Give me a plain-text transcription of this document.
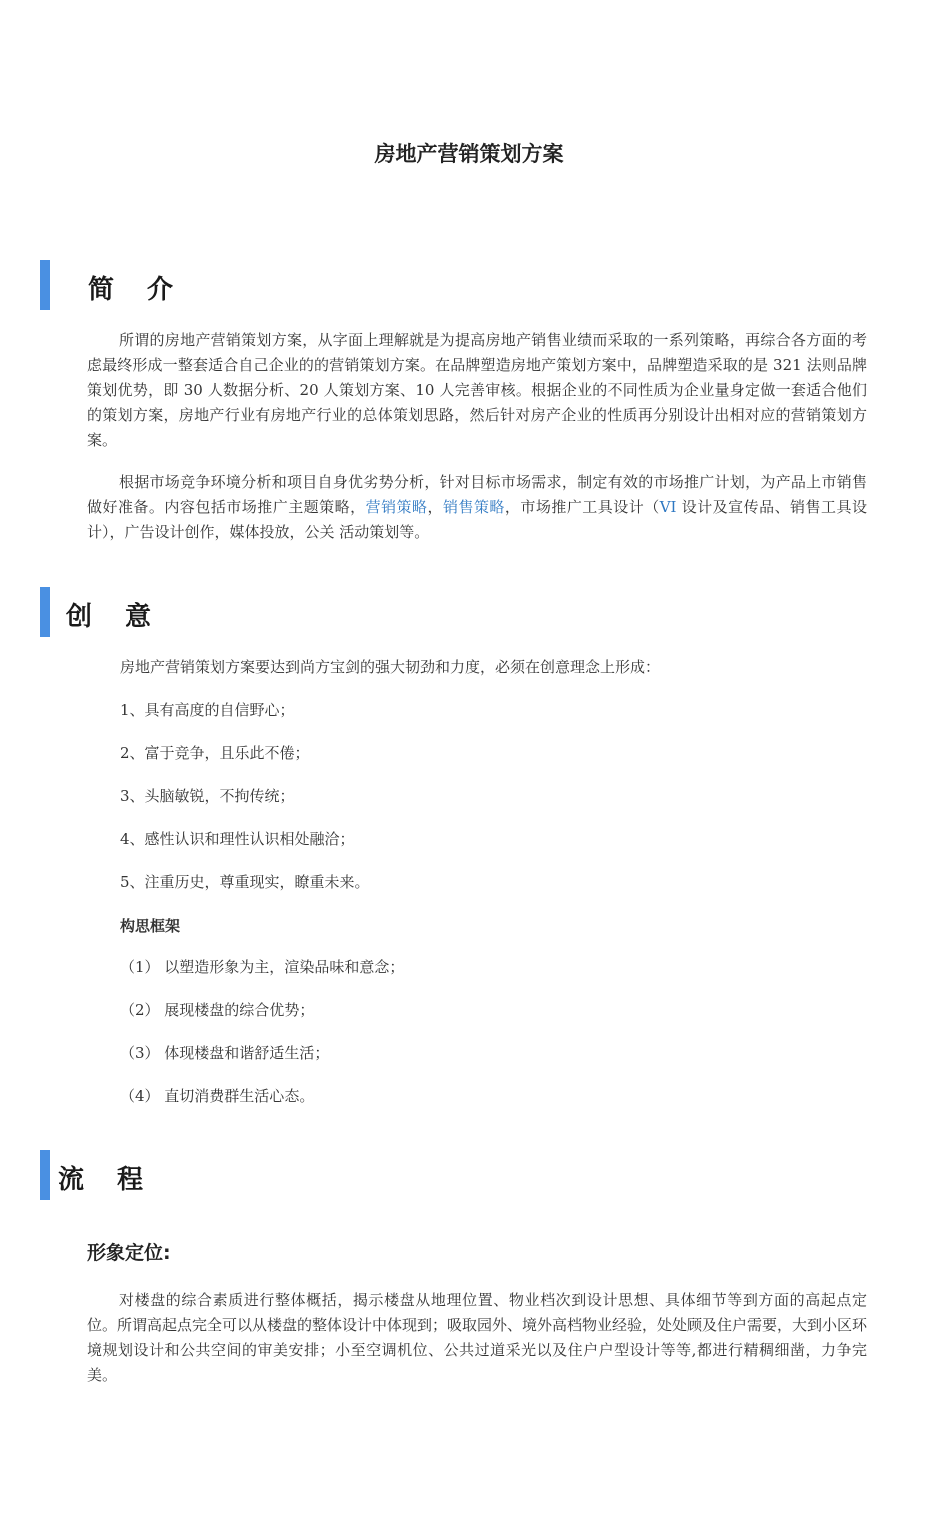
房地产营销策划方案
简 介

所谓的房地产营销策划方案，从字面上理解就是为提高房地产销售业绩而采取的一系列策略，再综合各方面的考虑最终形成一整套适合自己企业的的营销策划方案。在品牌塑造房地产策划方案中，品牌塑造采取的是 321 法则品牌策划优势，即 30 人数据分析、20 人策划方案、10 人完善审核。根据企业的不同性质为企业量身定做一套适合他们的策划方案，房地产行业有房地产行业的总体策划思路，然后针对房产企业的性质再分别设计出相对应的营销策划方案。

根据市场竞争环境分析和项目自身优劣势分析，针对目标市场需求，制定有效的市场推广计划，为产品上市销售做好准备。内容包括市场推广主题策略，营销策略，销售策略，市场推广工具设计（VI 设计及宣传品、销售工具设计），广告设计创作，媒体投放，公关 活动策划等。

创 意

房地产营销策划方案要达到尚方宝剑的强大韧劲和力度，必须在创意理念上形成：

1、具有高度的自信野心；

2、富于竞争，且乐此不倦；

3、头脑敏锐，不拘传统；

4、感性认识和理性认识相处融洽；

5、注重历史，尊重现实，瞭重未来。

构思框架

（1） 以塑造形象为主，渲染品味和意念；

（2） 展现楼盘的综合优势；

（3） 体现楼盘和谐舒适生活；

（4） 直切消费群生活心态。

流 程
形象定位:

对楼盘的综合素质进行整体概括，揭示楼盘从地理位置、物业档次到设计思想、具体细节等到方面的高起点定位。所谓高起点完全可以从楼盘的整体设计中体现到；吸取园外、境外高档物业经验，处处顾及住户需要，大到小区环境规划设计和公共空间的审美安排；小至空调机位、公共过道采光以及住户户型设计等等,都进行精稠细凿，力争完美。
